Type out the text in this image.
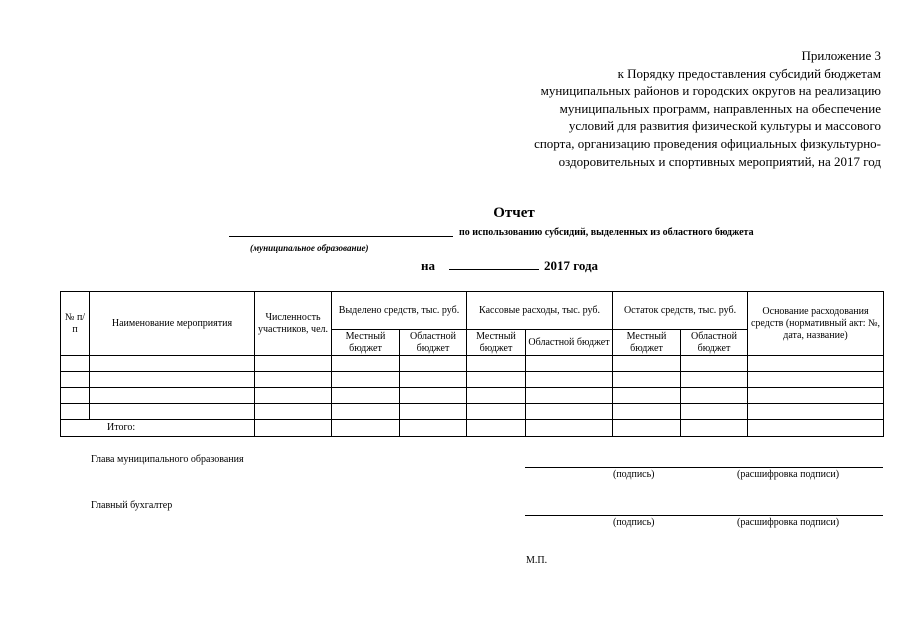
Приложение 3
к Порядку предоставления субсидий бюджетам
муниципальных районов и городских округов на реализацию
муниципальных программ, направленных на обеспечение
условий для развития физической культуры и массового
спорта, организацию проведения официальных физкультурно-
оздоровительных и спортивных мероприятий, на 2017 год
Отчет
по использованию субсидий, выделенных из областного бюджета
(муниципальное образование)
на	2017 года
№ п/п	Наименование мероприятия	Численность участников, чел.	Выделено средств, тыс. руб.		Кассовые расходы, тыс. руб.		Остаток средств, тыс. руб.		Основание расходования средств (нормативный акт: №, дата, название)
			Местный бюджет	Областной бюджет	Местный бюджет	Областной бюджет	Местный бюджет	Областной бюджет	

Итого:									
Глава муниципального образования
(подпись)	(расшифровка подписи)
Главный бухгалтер
(подпись)	(расшифровка подписи)
М.П.
